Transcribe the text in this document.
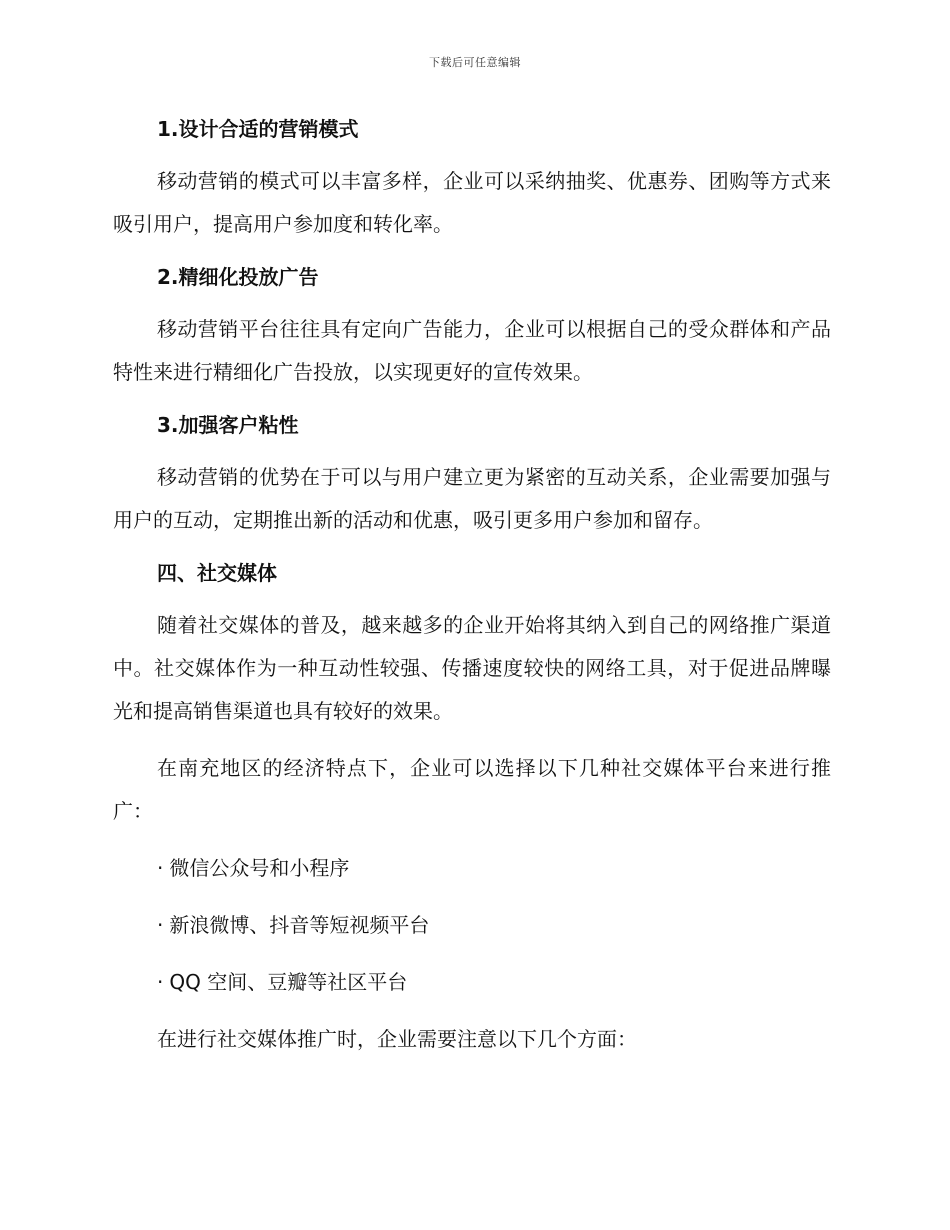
下载后可任意编辑
1.设计合适的营销模式
移动营销的模式可以丰富多样，企业可以采纳抽奖、优惠券、团购等方式来吸引用户，提高用户参加度和转化率。
2.精细化投放广告
移动营销平台往往具有定向广告能力，企业可以根据自己的受众群体和产品特性来进行精细化广告投放，以实现更好的宣传效果。
3.加强客户粘性
移动营销的优势在于可以与用户建立更为紧密的互动关系，企业需要加强与用户的互动，定期推出新的活动和优惠，吸引更多用户参加和留存。
四、社交媒体
随着社交媒体的普及，越来越多的企业开始将其纳入到自己的网络推广渠道中。社交媒体作为一种互动性较强、传播速度较快的网络工具，对于促进品牌曝光和提高销售渠道也具有较好的效果。
在南充地区的经济特点下，企业可以选择以下几种社交媒体平台来进行推广：
· 微信公众号和小程序
· 新浪微博、抖音等短视频平台
· QQ 空间、豆瓣等社区平台
在进行社交媒体推广时，企业需要注意以下几个方面：
